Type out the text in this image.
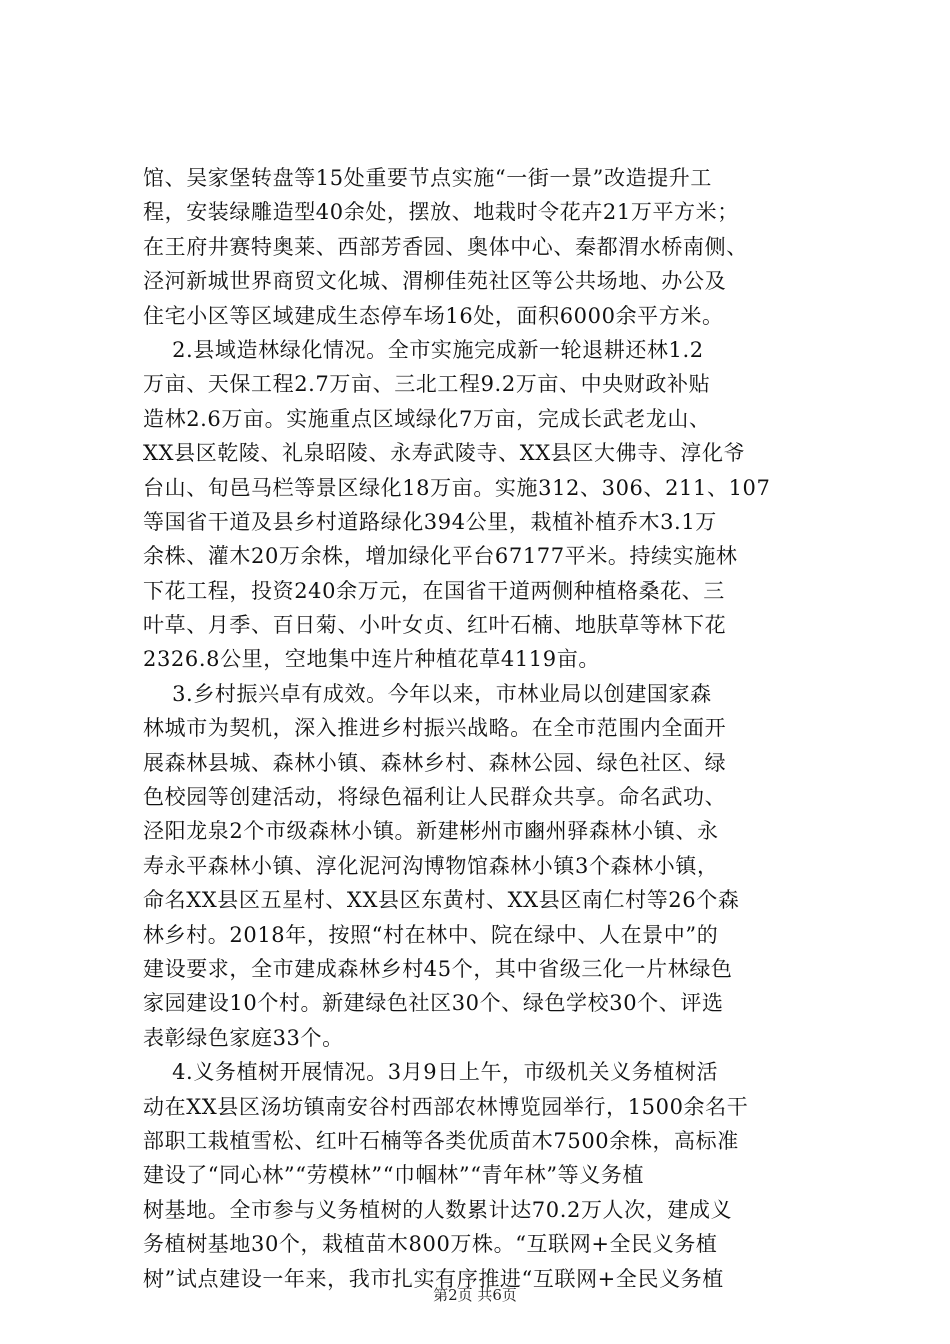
馆、吴家堡转盘等15处重要节点实施“一街一景”改造提升工
程，安装绿雕造型40余处，摆放、地栽时令花卉21万平方米；
在王府井赛特奥莱、西部芳香园、奥体中心、秦都渭水桥南侧、
泾河新城世界商贸文化城、渭柳佳苑社区等公共场地、办公及
住宅小区等区域建成生态停车场16处，面积6000余平方米。
2.县域造林绿化情况。全市实施完成新一轮退耕还林1.2
万亩、天保工程2.7万亩、三北工程9.2万亩、中央财政补贴
造林2.6万亩。实施重点区域绿化7万亩，完成长武老龙山、
XX县区乾陵、礼泉昭陵、永寿武陵寺、XX县区大佛寺、淳化爷
台山、旬邑马栏等景区绿化18万亩。实施312、306、211、107
等国省干道及县乡村道路绿化394公里，栽植补植乔木3.1万
余株、灌木20万余株，增加绿化平台67177平米。持续实施林
下花工程，投资240余万元，在国省干道两侧种植格桑花、三
叶草、月季、百日菊、小叶女贞、红叶石楠、地肤草等林下花
2326.8公里，空地集中连片种植花草4119亩。
3.乡村振兴卓有成效。今年以来，市林业局以创建国家森
林城市为契机，深入推进乡村振兴战略。在全市范围内全面开
展森林县城、森林小镇、森林乡村、森林公园、绿色社区、绿
色校园等创建活动，将绿色福利让人民群众共享。命名武功、
泾阳龙泉2个市级森林小镇。新建彬州市豳州驿森林小镇、永
寿永平森林小镇、淳化泥河沟博物馆森林小镇3个森林小镇，
命名XX县区五星村、XX县区东黄村、XX县区南仁村等26个森
林乡村。2018年，按照“村在林中、院在绿中、人在景中”的
建设要求，全市建成森林乡村45个，其中省级三化一片林绿色
家园建设10个村。新建绿色社区30个、绿色学校30个、评选
表彰绿色家庭33个。
4.义务植树开展情况。3月9日上午，市级机关义务植树活
动在XX县区汤坊镇南安谷村西部农林博览园举行，1500余名干
部职工栽植雪松、红叶石楠等各类优质苗木7500余株，高标准
建设了“同心林”“劳模林”“巾帼林”“青年林”等义务植
树基地。全市参与义务植树的人数累计达70.2万人次，建成义
务植树基地30个，栽植苗木800万株。“互联网+全民义务植
树”试点建设一年来，我市扎实有序推进“互联网+全民义务植
第2页 共6页
